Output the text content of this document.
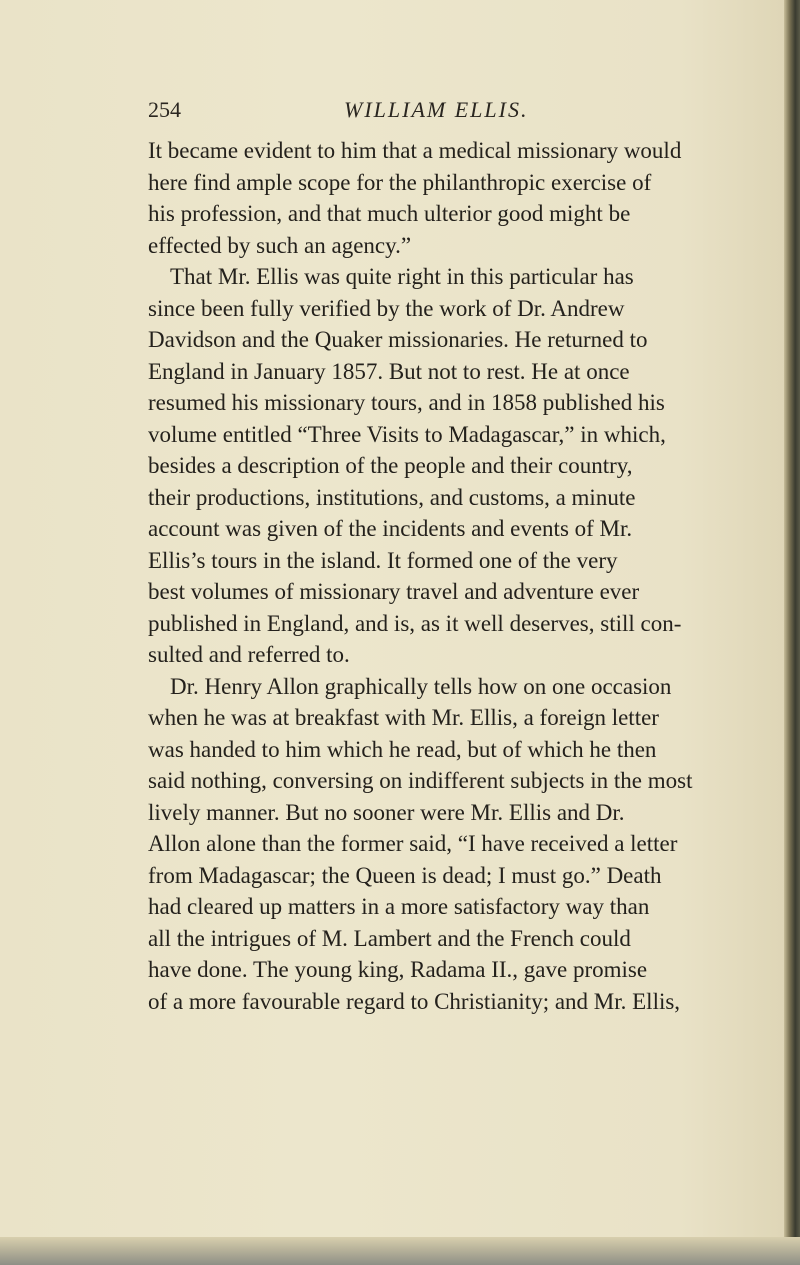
254	WILLIAM ELLIS.
It became evident to him that a medical missionary would
here find ample scope for the philanthropic exercise of
his profession, and that much ulterior good might be
effected by such an agency.”
That Mr. Ellis was quite right in this particular has
since been fully verified by the work of Dr. Andrew
Davidson and the Quaker missionaries. He returned to
England in January 1857. But not to rest. He at once
resumed his missionary tours, and in 1858 published his
volume entitled “Three Visits to Madagascar,” in which,
besides a description of the people and their country,
their productions, institutions, and customs, a minute
account was given of the incidents and events of Mr.
Ellis’s tours in the island. It formed one of the very
best volumes of missionary travel and adventure ever
published in England, and is, as it well deserves, still con-
sulted and referred to.
Dr. Henry Allon graphically tells how on one occasion
when he was at breakfast with Mr. Ellis, a foreign letter
was handed to him which he read, but of which he then
said nothing, conversing on indifferent subjects in the most
lively manner. But no sooner were Mr. Ellis and Dr.
Allon alone than the former said, “I have received a letter
from Madagascar; the Queen is dead; I must go.” Death
had cleared up matters in a more satisfactory way than
all the intrigues of M. Lambert and the French could
have done. The young king, Radama II., gave promise
of a more favourable regard to Christianity; and Mr. Ellis,
